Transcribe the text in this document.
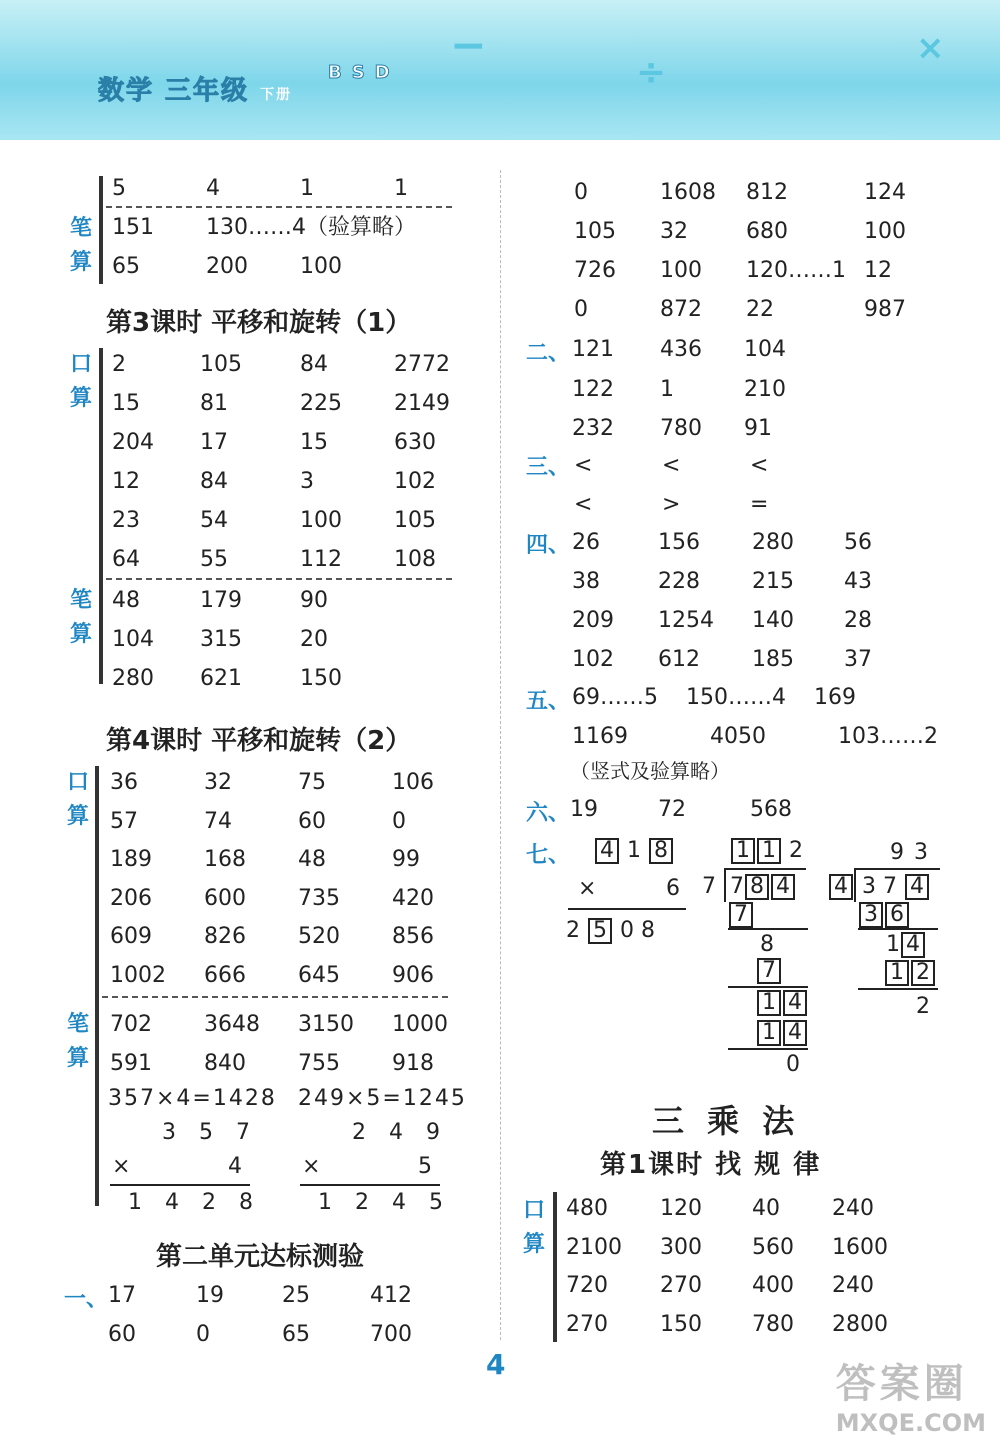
数学 三年级 下册
BSD
−
÷
×
笔
算
5	4	1	1
151 130……4（验算略）
65	200 100
第3课时 平移和旋转（1）
口
算
笔
算
2	105	84	2772
15	81	225 2149
204 17	15	630
12	84	3	102
23	54	100 105
64	55	112 108
48	179	90
104 315	20
280 621	150
第4课时 平移和旋转（2）
口
算
笔
算
36	32	75	106
57	74	60	0
189 168 48	99
206 600 735 420
609 826 520 856
1002 666 645 906
702 3648 3150 1000
591 840 755 918
357×4=1428 249×5=1245
3 5 7
×	4
1 4 2 8
2 4 9
×	5
1 2 4 5
第二单元达标测验
一、 17	19	25	412
60	0	65	700
0	1608 812	124
105 32	680	100
726 100 120……1 12
0	872 22	987
121 436 104
122 1	210
232 780 91
<	<	<
<	>	=
26	156 280 56
38	228 215 43
209 1254 140 28
102 612 185 37
69……5 150……4 169
1169	4050	103……2
19	72	568
二、
三、
四、
五、
（竖式及验算略）
六、
七、 4 1 8
×	6
2 5 0 8
1 1 2
7 7 8 4
7
8
7
1 4
1 4
0
93
4 3 7 4
3 6
1 4
1 2
2
三 乘 法
第1课时 找 规 律
口
算
480 120 40 240
2100 300 560 1600
720 270 400 240
270 150 780 2800
4	答案圈
MXQE.COM
